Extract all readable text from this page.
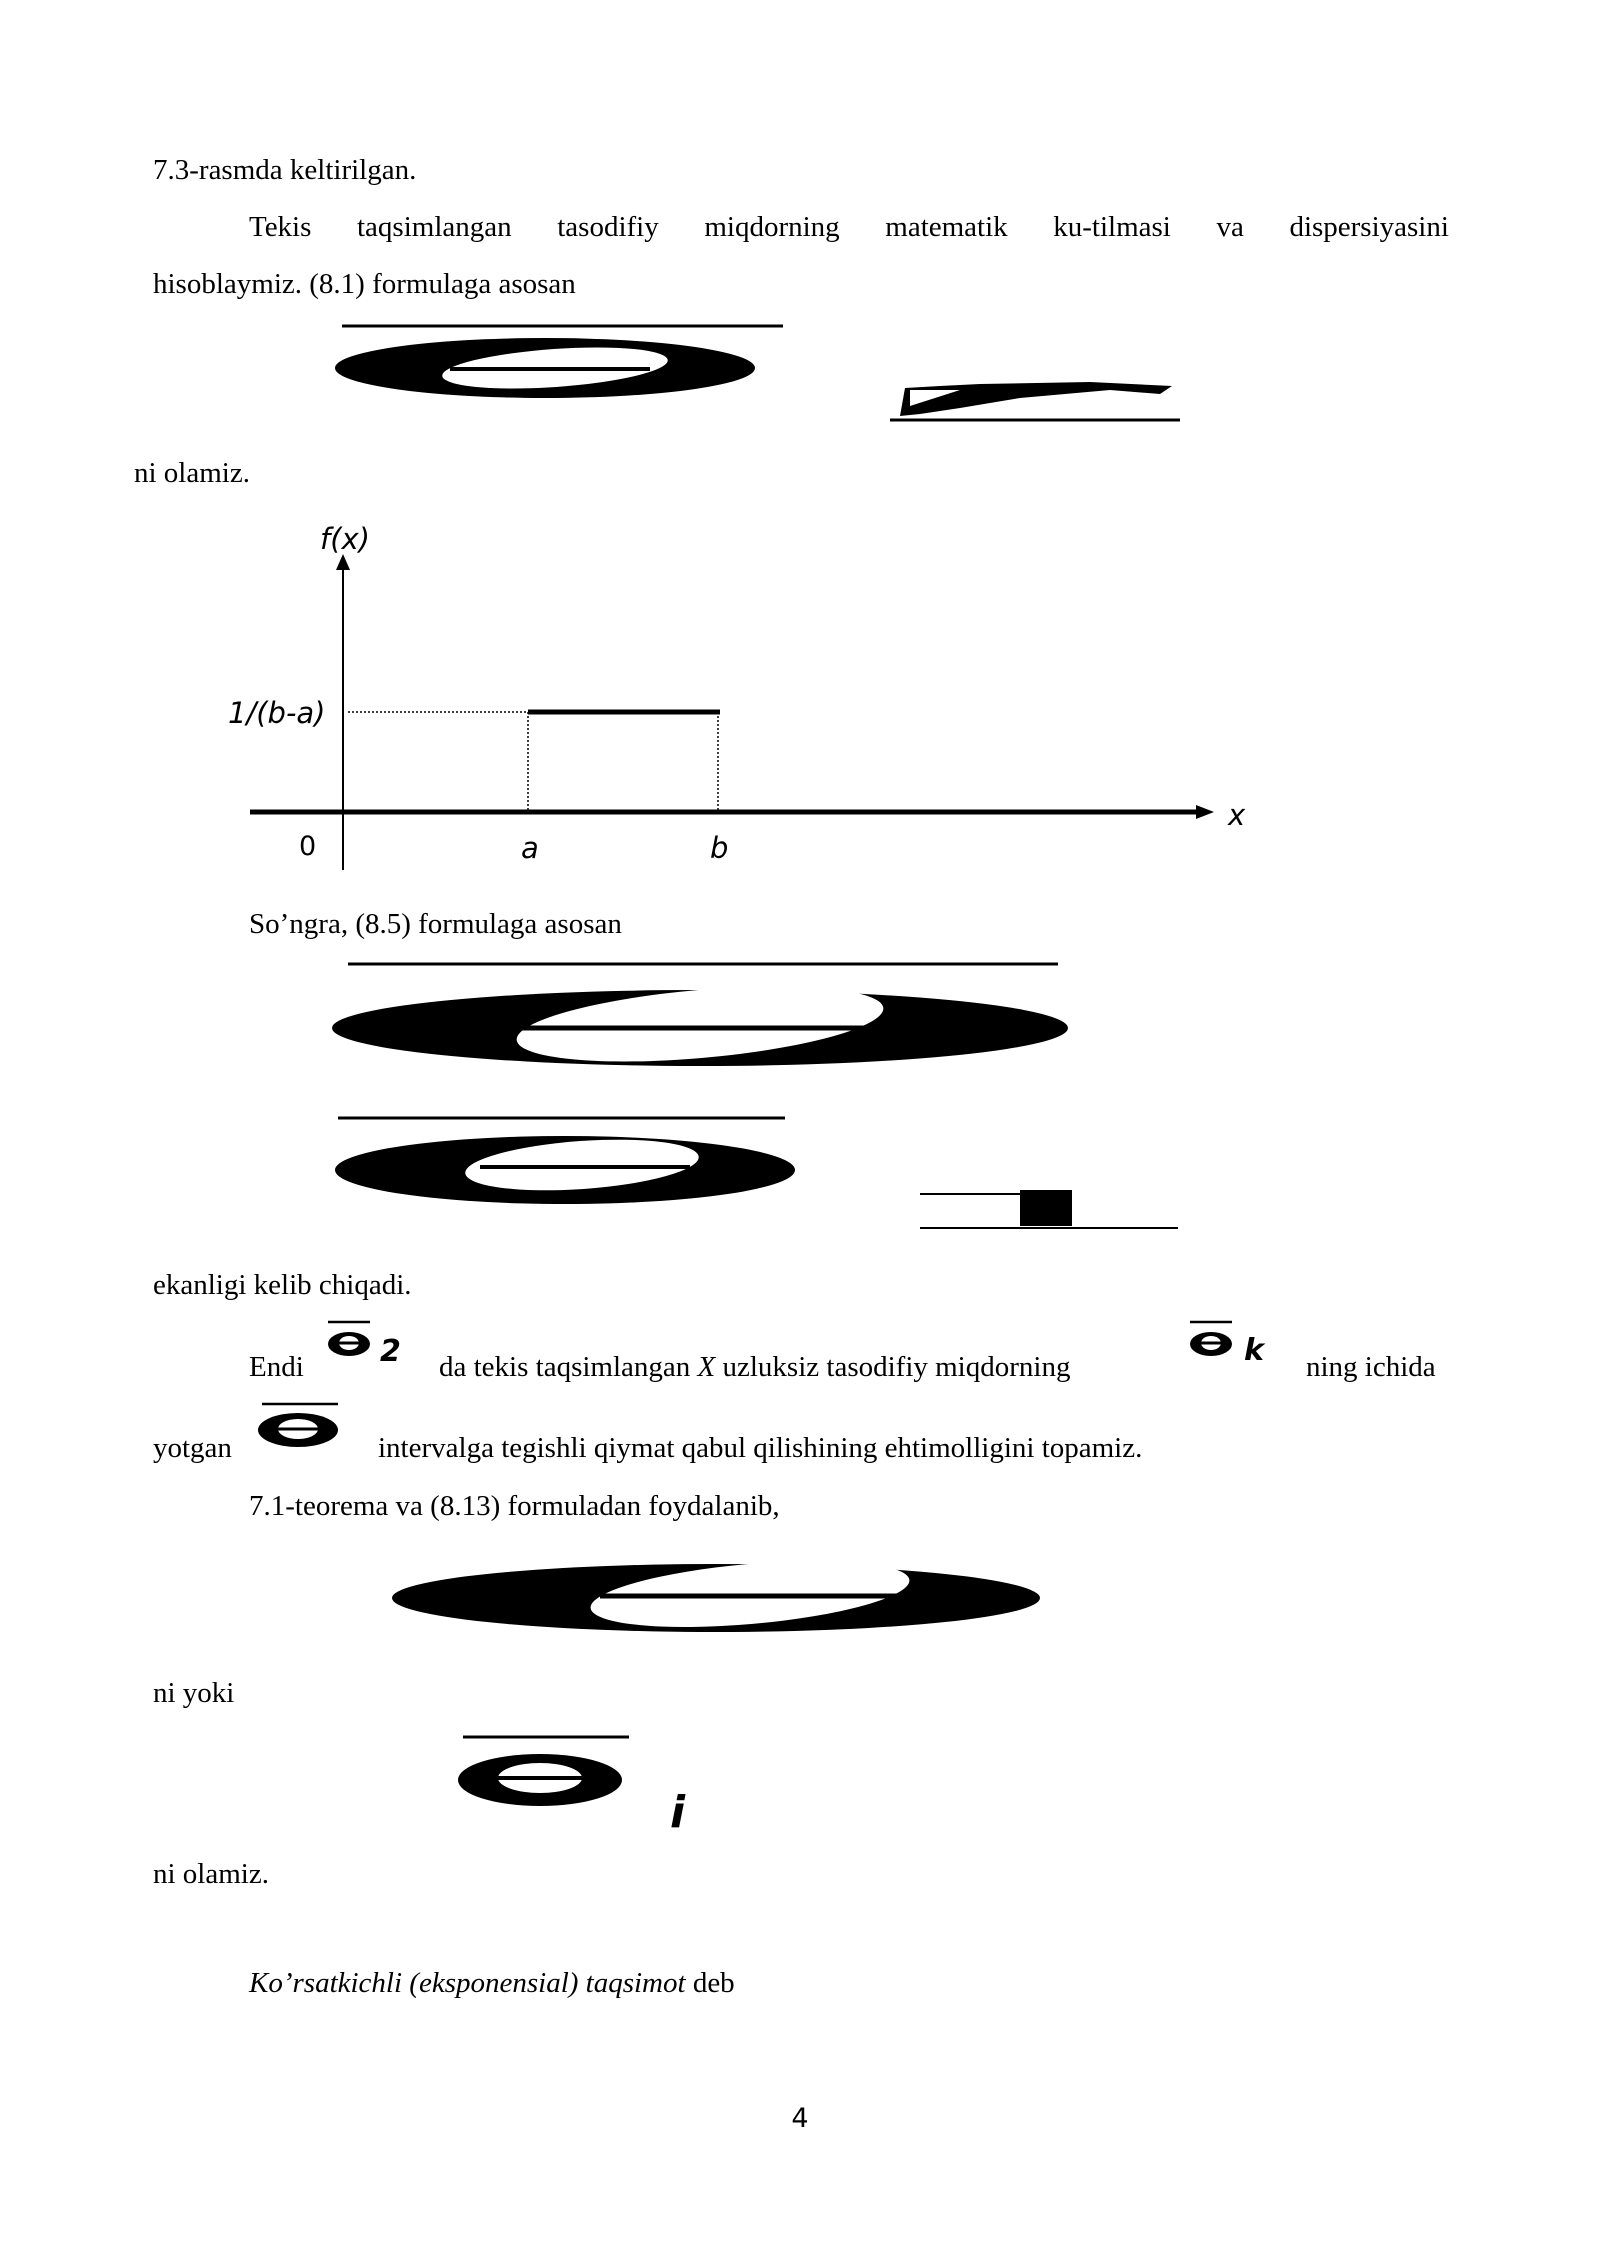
7.3-rasmda keltirilgan.
Tekis taqsimlangan tasodifiy miqdorning matematik ku-tilmasi va dispersiyasini
hisoblaymiz. (8.1) formulaga asosan
ni olamiz.
f(x)
x
1/(b-a)
0	a	b
So’ngra, (8.5) formulaga asosan
ekanligi kelib chiqadi.
Endi	2 da tekis taqsimlangan X uzluksiz tasodifiy miqdorning	k ning ichida
yotgan	intervalga tegishli qiymat qabul qilishining ehtimolligini topamiz.
7.1-teorema va (8.13) formuladan foydalanib,
ni yoki
i
ni olamiz.
Ko’rsatkichli (eksponensial) taqsimot deb
4
